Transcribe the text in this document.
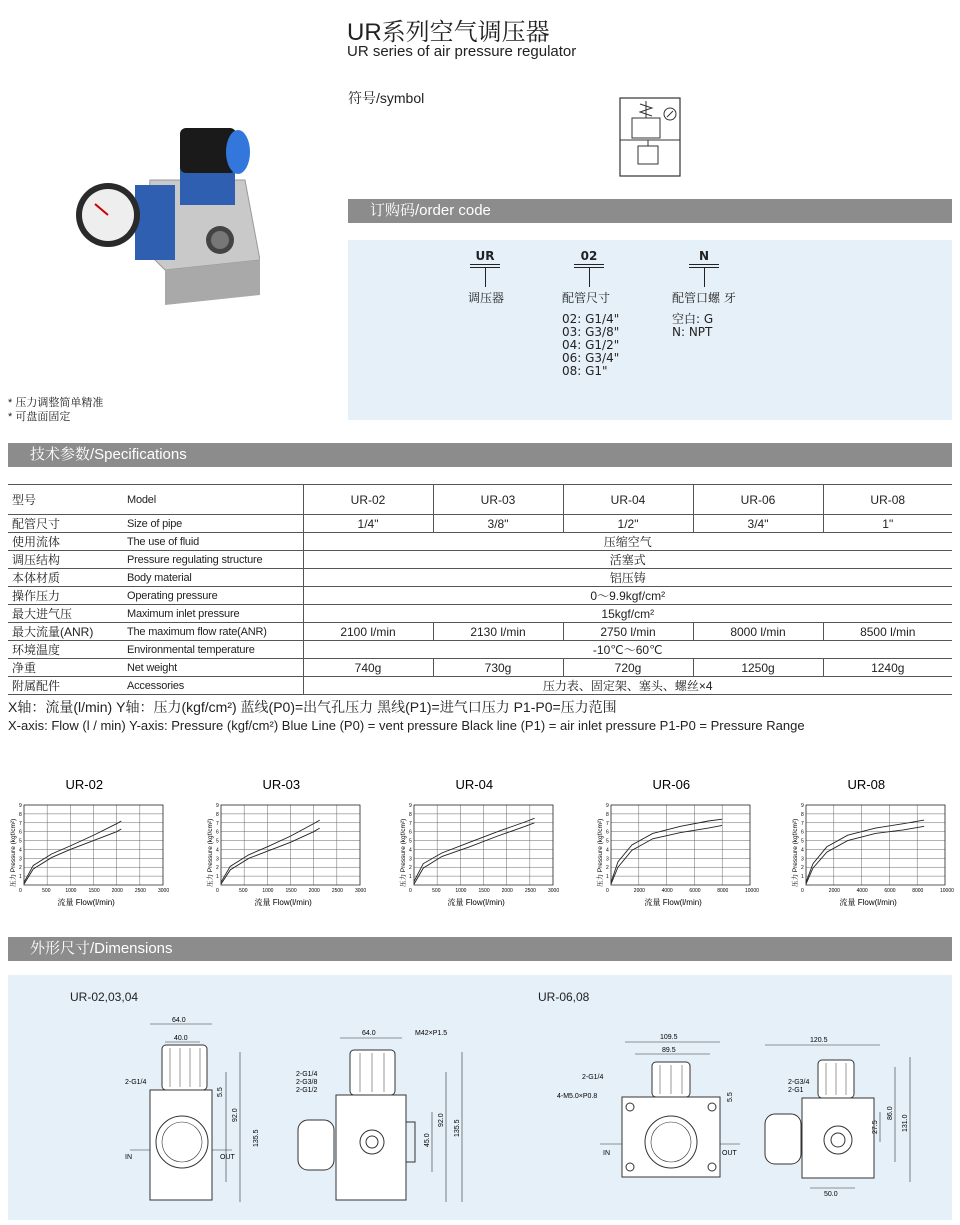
UR系列空气调压器
UR series of air pressure regulator
符号/symbol
订购码/order code
UR
调压器
02
配管尺寸
02: G1/4"
03: G3/8"
04: G1/2"
06: G3/4"
08: G1"
N
配管口螺 牙
空白: G
N: NPT
* 压力调整简单精准
* 可盘面固定
技术参数/Specifications
型号	Model	UR-02	UR-03	UR-04	UR-06	UR-08
配管尺寸	Size of pipe	1/4"	3/8"	1/2"	3/4"	1"
使用流体	The use of fluid	压缩空气				
调压结构	Pressure regulating structure	活塞式				
本体材质	Body material	铝压铸				
操作压力	Operating pressure	0～9.9kgf/cm²				
最大进气压	Maximum inlet pressure	15kgf/cm²				
最大流量(ANR)	The maximum flow rate(ANR)	2100 l/min	2130 l/min	2750 l/min	8000 l/min	8500 l/min
环境温度	Environmental temperature	-10℃～60℃				
净重	Net weight	740g	730g	720g	1250g	1240g
附属配件	Accessories	压力表、固定架、塞头、螺丝×4				
X轴：流量(l/min) Y轴：压力(kgf/cm²) 蓝线(P0)=出气孔压力 黑线(P1)=进气口压力 P1-P0=压力范围
X-axis: Flow (l / min) Y-axis: Pressure (kgf/cm²) Blue Line (P0) = vent pressure Black line (P1) = air inlet pressure P1-P0 = Pressure Range
UR-02
1
2
3
4
5
6
7
8
9
0	500	1000 1500 2000 2500 3000
流量 Flow(l/min)
压力 Pressure (kgf/cm²)
UR-03
1
2
3
4
5
6
7
8
9
0	500	1000 1500 2000 2500 3000
流量 Flow(l/min)
压力 Pressure (kgf/cm²)
UR-04
1
2
3
4
5
6
7
8
9
0	500	1000 1500 2000 2500 3000
流量 Flow(l/min)
压力 Pressure (kgf/cm²)
UR-06
1
2
3
4
5
6
7
8
9
0	2000	4000	6000	8000	10000
流量 Flow(l/min)
压力 Pressure (kgf/cm²)
UR-08
1
2
3
4
5
6
7
8
9
0	2000	4000	6000	8000	10000
流量 Flow(l/min)
压力 Pressure (kgf/cm²)
外形尺寸/Dimensions
UR-02,03,04	UR-06,08
64.0
40.0
2-G1/4
IN	OUT
5.5
92.0
135.5
64.0	M42×P1.5
2-G1/4
2-G3/8
2-G1/2
45.0
92.0 135.5
109.5
89.5
2-G1/4
4-M5.0×P0.8
IN	OUT
5.5
120.5
2-G3/4
2-G1
27.5
86.0
131.0
50.0
